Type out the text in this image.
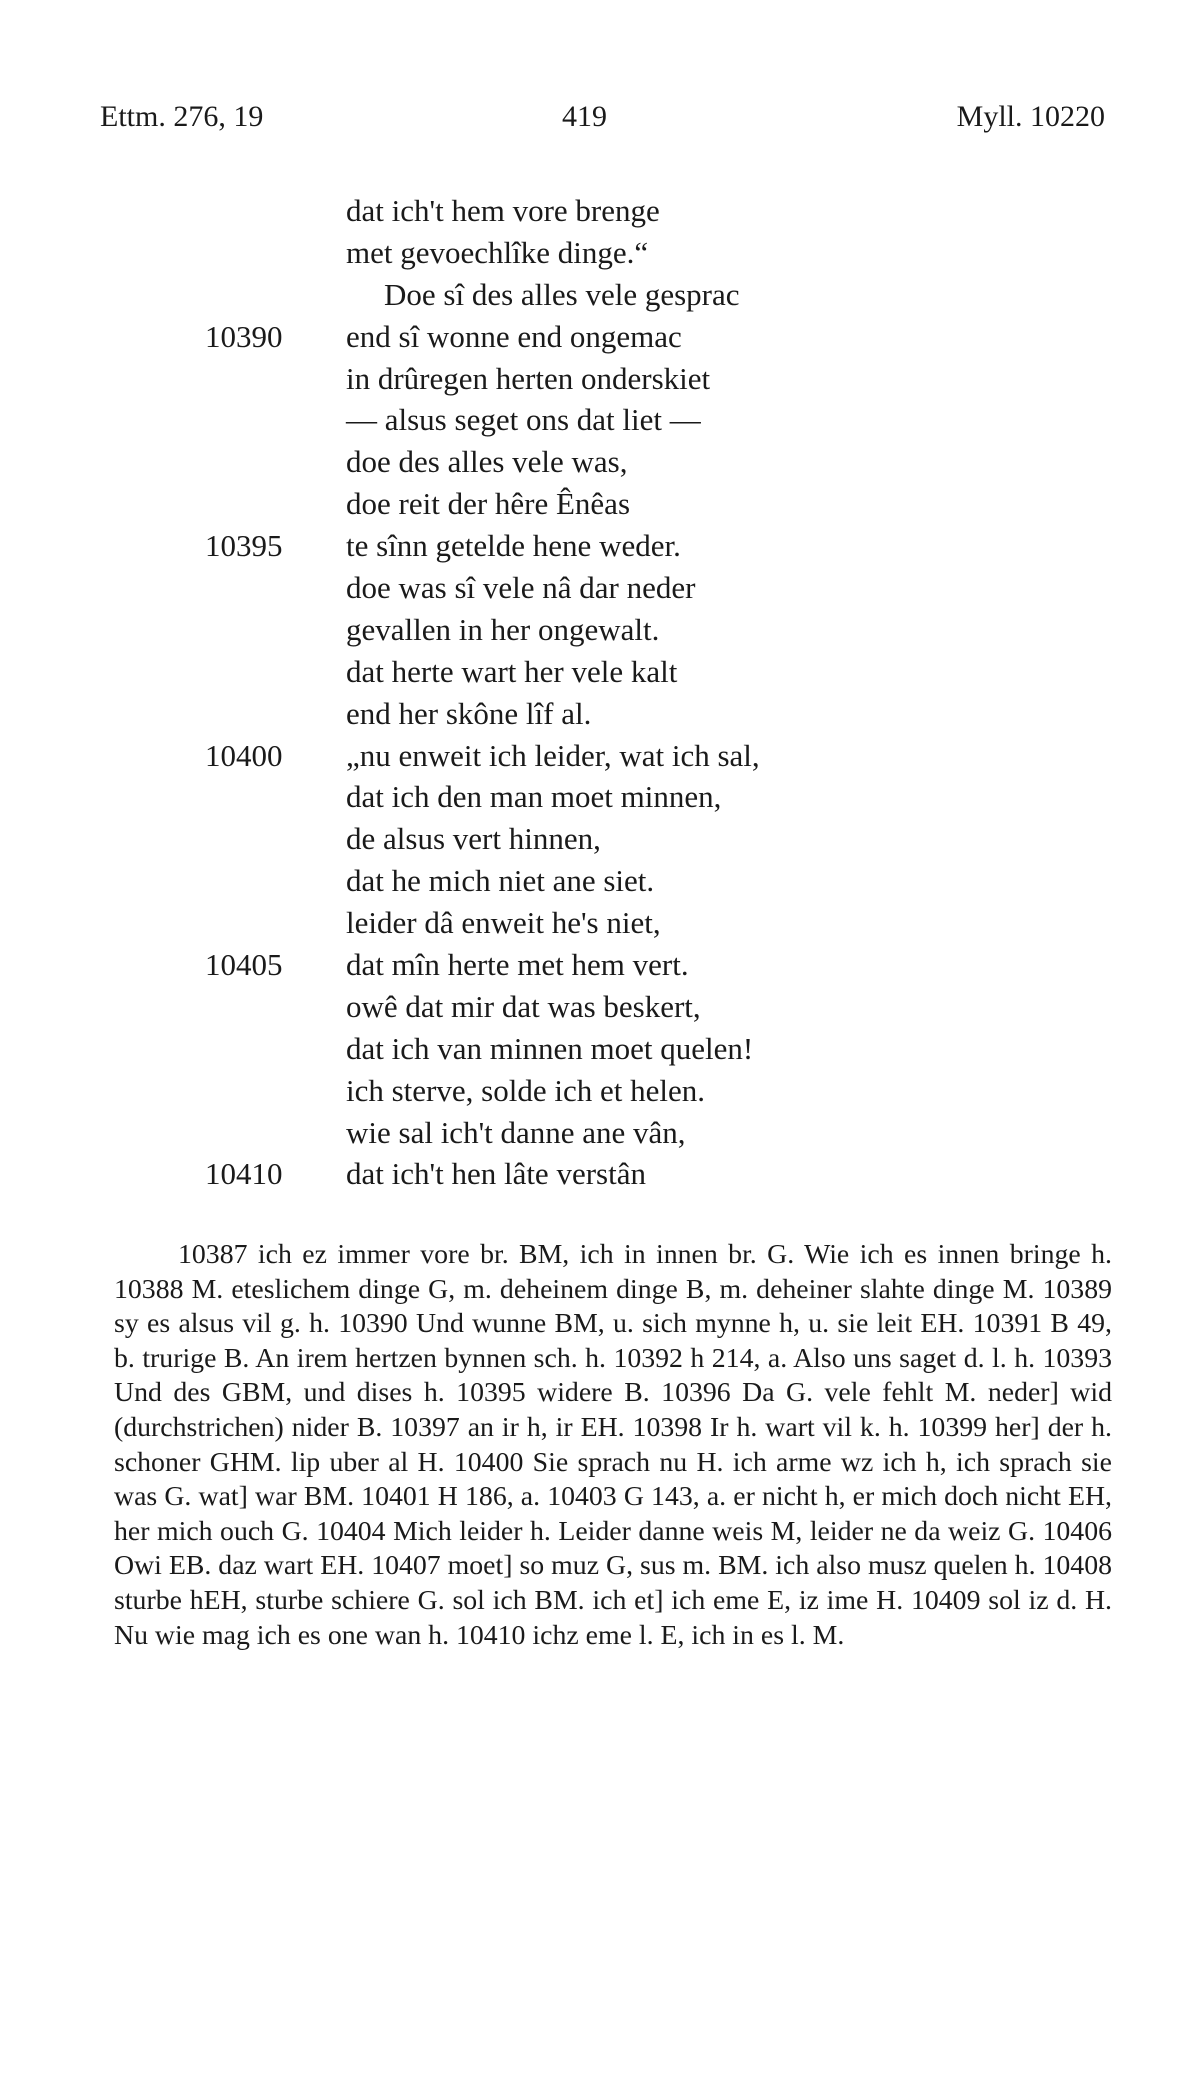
Ettm. 276, 19	419	Myll. 10220
dat ich't hem vore brenge
met gevoechlîke dinge.“
Doe sî des alles vele gesprac
10390 end sî wonne end ongemac
in drûregen herten onderskiet
— alsus seget ons dat liet —
doe des alles vele was,
doe reit der hêre Ênêas
10395 te sînn getelde hene weder.
doe was sî vele nâ dar neder
gevallen in her ongewalt.
dat herte wart her vele kalt
end her skône lîf al.
10400 „nu enweit ich leider, wat ich sal,
dat ich den man moet minnen,
de alsus vert hinnen,
dat he mich niet ane siet.
leider dâ enweit he's niet,
10405 dat mîn herte met hem vert.
owê dat mir dat was beskert,
dat ich van minnen moet quelen!
ich sterve, solde ich et helen.
wie sal ich't danne ane vân,
10410 dat ich't hen lâte verstân

10387 ich ez immer vore br. BM, ich in innen br. G. Wie ich es innen bringe h. 10388 M. eteslichem dinge G, m. deheinem dinge B, m. deheiner slahte dinge M. 10389 sy es alsus vil g. h. 10390 Und wunne BM, u. sich mynne h, u. sie leit EH. 10391 B 49, b. trurige B. An irem hertzen bynnen sch. h. 10392 h 214, a. Also uns saget d. l. h. 10393 Und des GBM, und dises h. 10395 widere B. 10396 Da G. vele fehlt M. neder] wid (durchstrichen) nider B. 10397 an ir h, ir EH. 10398 Ir h. wart vil k. h. 10399 her] der h. schoner GHM. lip uber al H. 10400 Sie sprach nu H. ich arme wz ich h, ich sprach sie was G. wat] war BM. 10401 H 186, a. 10403 G 143, a. er nicht h, er mich doch nicht EH, her mich ouch G. 10404 Mich leider h. Leider danne weis M, leider ne da weiz G. 10406 Owi EB. daz wart EH. 10407 moet] so muz G, sus m. BM. ich also musz quelen h. 10408 sturbe hEH, sturbe schiere G. sol ich BM. ich et] ich eme E, iz ime H. 10409 sol iz d. H. Nu wie mag ich es one wan h. 10410 ichz eme l. E, ich in es l. M.
